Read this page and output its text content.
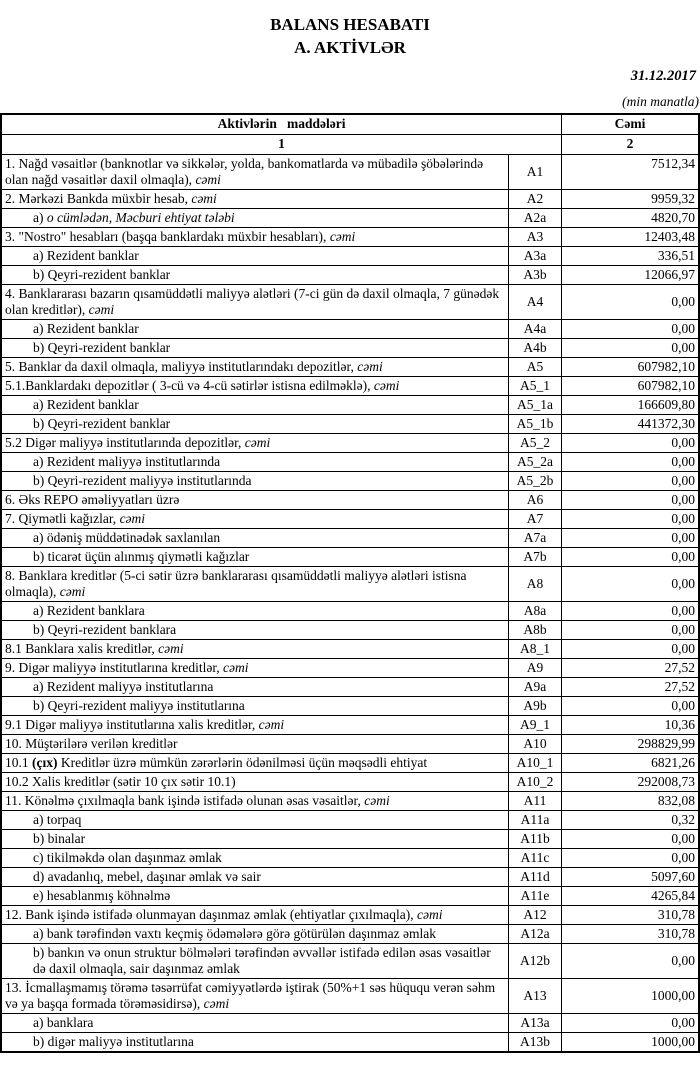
BALANS HESABATI
A. AKTİVLƏR
31.12.2017
(min manatla)
Aktivlərin   maddələri		Cəmi
1		2
1. Nağd vəsaitlər (banknotlar və sikkələr, yolda, bankomatlarda və mübadilə şöbələrində olan nağd vəsaitlər daxil olmaqla), cəmi	A1	7512,34
2. Mərkəzi Bankda müxbir hesab, cəmi	A2	9959,32
a) o cümlədən, Məcburi ehtiyat tələbi	A2a	4820,70
3. "Nostro" hesabları (başqa banklardakı müxbir hesabları), cəmi	A3	12403,48
a) Rezident banklar	A3a	336,51
b) Qeyri-rezident banklar	A3b	12066,97
4. Banklararası bazarın qısamüddətli maliyyə alətləri (7-ci gün də daxil olmaqla, 7 günədək olan kreditlər), cəmi	A4	0,00
a) Rezident banklar	A4a	0,00
b) Qeyri-rezident banklar	A4b	0,00
5. Banklar da daxil olmaqla, maliyyə institutlarındakı depozitlər, cəmi	A5	607982,10
5.1.Banklardakı depozitlər ( 3-cü və 4-cü sətirlər istisna edilməklə), cəmi	A5_1	607982,10
a) Rezident banklar	A5_1a	166609,80
b) Qeyri-rezident banklar	A5_1b	441372,30
5.2 Digər maliyyə institutlarında depozitlər, cəmi	A5_2	0,00
a) Rezident maliyyə institutlarında	A5_2a	0,00
b) Qeyri-rezident maliyyə institutlarında	A5_2b	0,00
6. Əks REPO əməliyyatları üzrə	A6	0,00
7. Qiymətli kağızlar, cəmi	A7	0,00
a) ödəniş müddətinədək saxlanılan	A7a	0,00
b) ticarət üçün alınmış qiymətli kağızlar	A7b	0,00
8. Banklara kreditlər (5-ci sətir üzrə banklararası qısamüddətli maliyyə alətləri istisna olmaqla), cəmi	A8	0,00
a) Rezident banklara	A8a	0,00
b) Qeyri-rezident banklara	A8b	0,00
8.1 Banklara xalis kreditlər, cəmi	A8_1	0,00
9. Digər maliyyə institutlarına kreditlər, cəmi	A9	27,52
a) Rezident maliyyə institutlarına	A9a	27,52
b) Qeyri-rezident maliyyə institutlarına	A9b	0,00
9.1 Digər maliyyə institutlarına xalis kreditlər, cəmi	A9_1	10,36
10. Müştərilərə verilən kreditlər	A10	298829,99
10.1 (çıx) Kreditlər üzrə mümkün zərərlərin ödənilməsi üçün məqsədli ehtiyat	A10_1	6821,26
10.2 Xalis kreditlər (sətir 10 çıx sətir 10.1)	A10_2	292008,73
11. Könəlmə çıxılmaqla bank işində istifadə olunan əsas vəsaitlər, cəmi	A11	832,08
a) torpaq	A11a	0,32
b) binalar	A11b	0,00
c) tikilməkdə olan daşınmaz əmlak	A11c	0,00
d) avadanlıq, mebel, daşınar əmlak və sair	A11d	5097,60
e) hesablanmış köhnəlmə	A11e	4265,84
12. Bank işində istifadə olunmayan daşınmaz əmlak (ehtiyatlar çıxılmaqla), cəmi	A12	310,78
a) bank tərəfindən vaxtı keçmiş ödəmələrə görə götürülən daşınmaz əmlak	A12a	310,78
b) bankın və onun struktur bölmələri tərəfindən əvvəllər istifadə edilən əsas vəsaitlər də daxil olmaqla, sair daşınmaz əmlak	A12b	0,00
13. İcmallaşmamış törəmə təsərrüfat cəmiyyətlərdə iştirak (50%+1 səs hüququ verən səhm və ya başqa formada törəməsidirsə), cəmi	A13	1000,00
a) banklara	A13a	0,00
b) digər maliyyə institutlarına	A13b	1000,00
